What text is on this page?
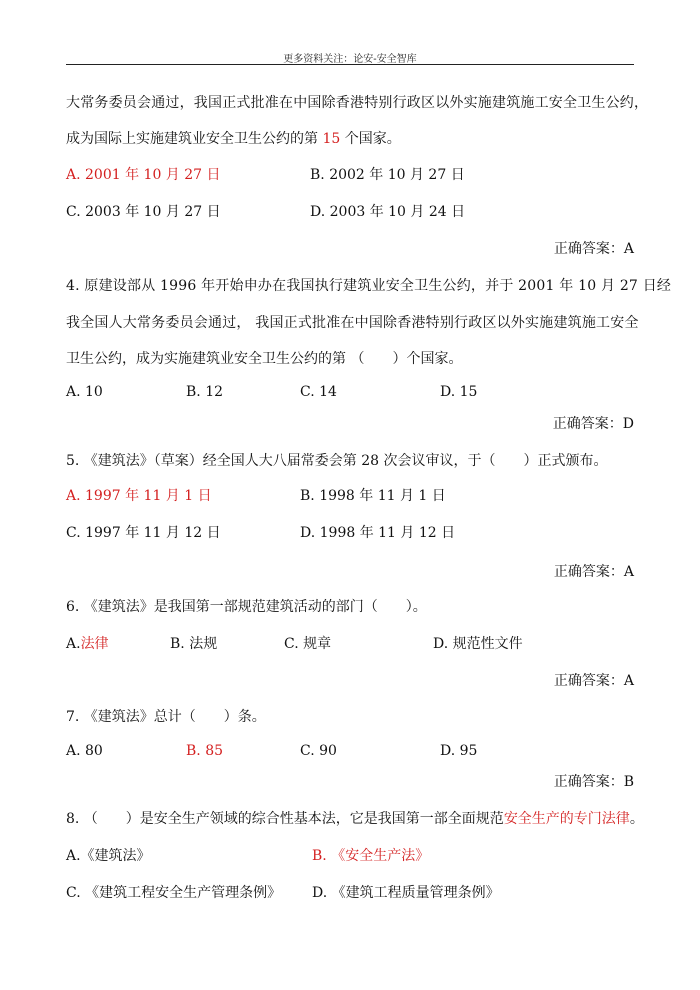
更多资料关注：论安-安全智库
大常务委员会通过，我国正式批准在中国除香港特别行政区以外实施建筑施工安全卫生公约，
成为国际上实施建筑业安全卫生公约的第 15 个国家。
A. 2001 年 10 月 27 日	B. 2002 年 10 月 27 日
C. 2003 年 10 月 27 日	D. 2003 年 10 月 24 日
正确答案：A
4. 原建设部从 1996 年开始申办在我国执行建筑业安全卫生公约，并于 2001 年 10 月 27 日经
我全国人大常务委员会通过， 我国正式批准在中国除香港特别行政区以外实施建筑施工安全
卫生公约，成为实施建筑业安全卫生公约的第 （　　）个国家。
A. 10	B. 12	C. 14	D. 15
正确答案：D
5. 《建筑法》（草案）经全国人大八届常委会第 28 次会议审议，于（　　）正式颁布。
A. 1997 年 11 月 1 日	B. 1998 年 11 月 1 日
C. 1997 年 11 月 12 日	D. 1998 年 11 月 12 日
正确答案：A
6. 《建筑法》是我国第一部规范建筑活动的部门（　　）。
A.法律	B. 法规	C. 规章	D. 规范性文件
正确答案：A
7. 《建筑法》总计（　　）条。
A. 80	B. 85	C. 90	D. 95
正确答案：B
8. （　　）是安全生产领域的综合性基本法，它是我国第一部全面规范安全生产的专门法律。
A.《建筑法》	B. 《安全生产法》
C. 《建筑工程安全生产管理条例》 D. 《建筑工程质量管理条例》
